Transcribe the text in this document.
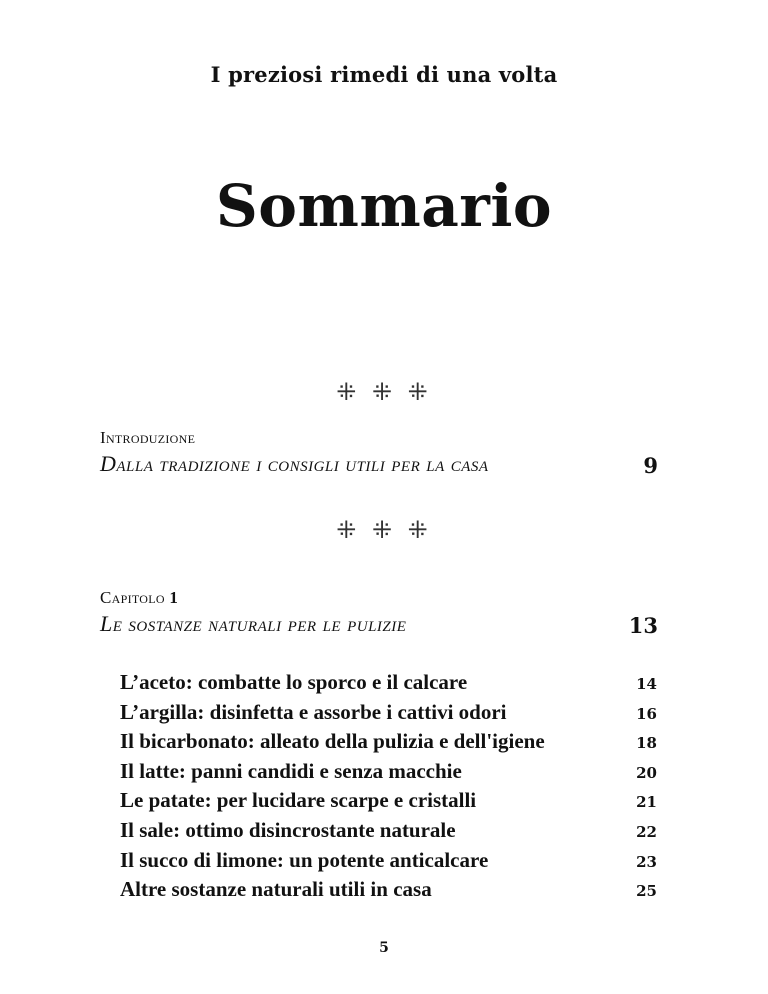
I preziosi rimedi di una volta
Sommario
⁜ ⁜ ⁜
Introduzione
Dalla tradizione i consigli utili per la casa	9
⁜ ⁜ ⁜
Capitolo 1
Le sostanze naturali per le pulizie	13
L’aceto: combatte lo sporco e il calcare	14
L’argilla: disinfetta e assorbe i cattivi odori	16
Il bicarbonato: alleato della pulizia e dell'igiene	18
Il latte: panni candidi e senza macchie	20
Le patate: per lucidare scarpe e cristalli	21
Il sale: ottimo disincrostante naturale	22
Il succo di limone: un potente anticalcare	23
Altre sostanze naturali utili in casa	25
5
